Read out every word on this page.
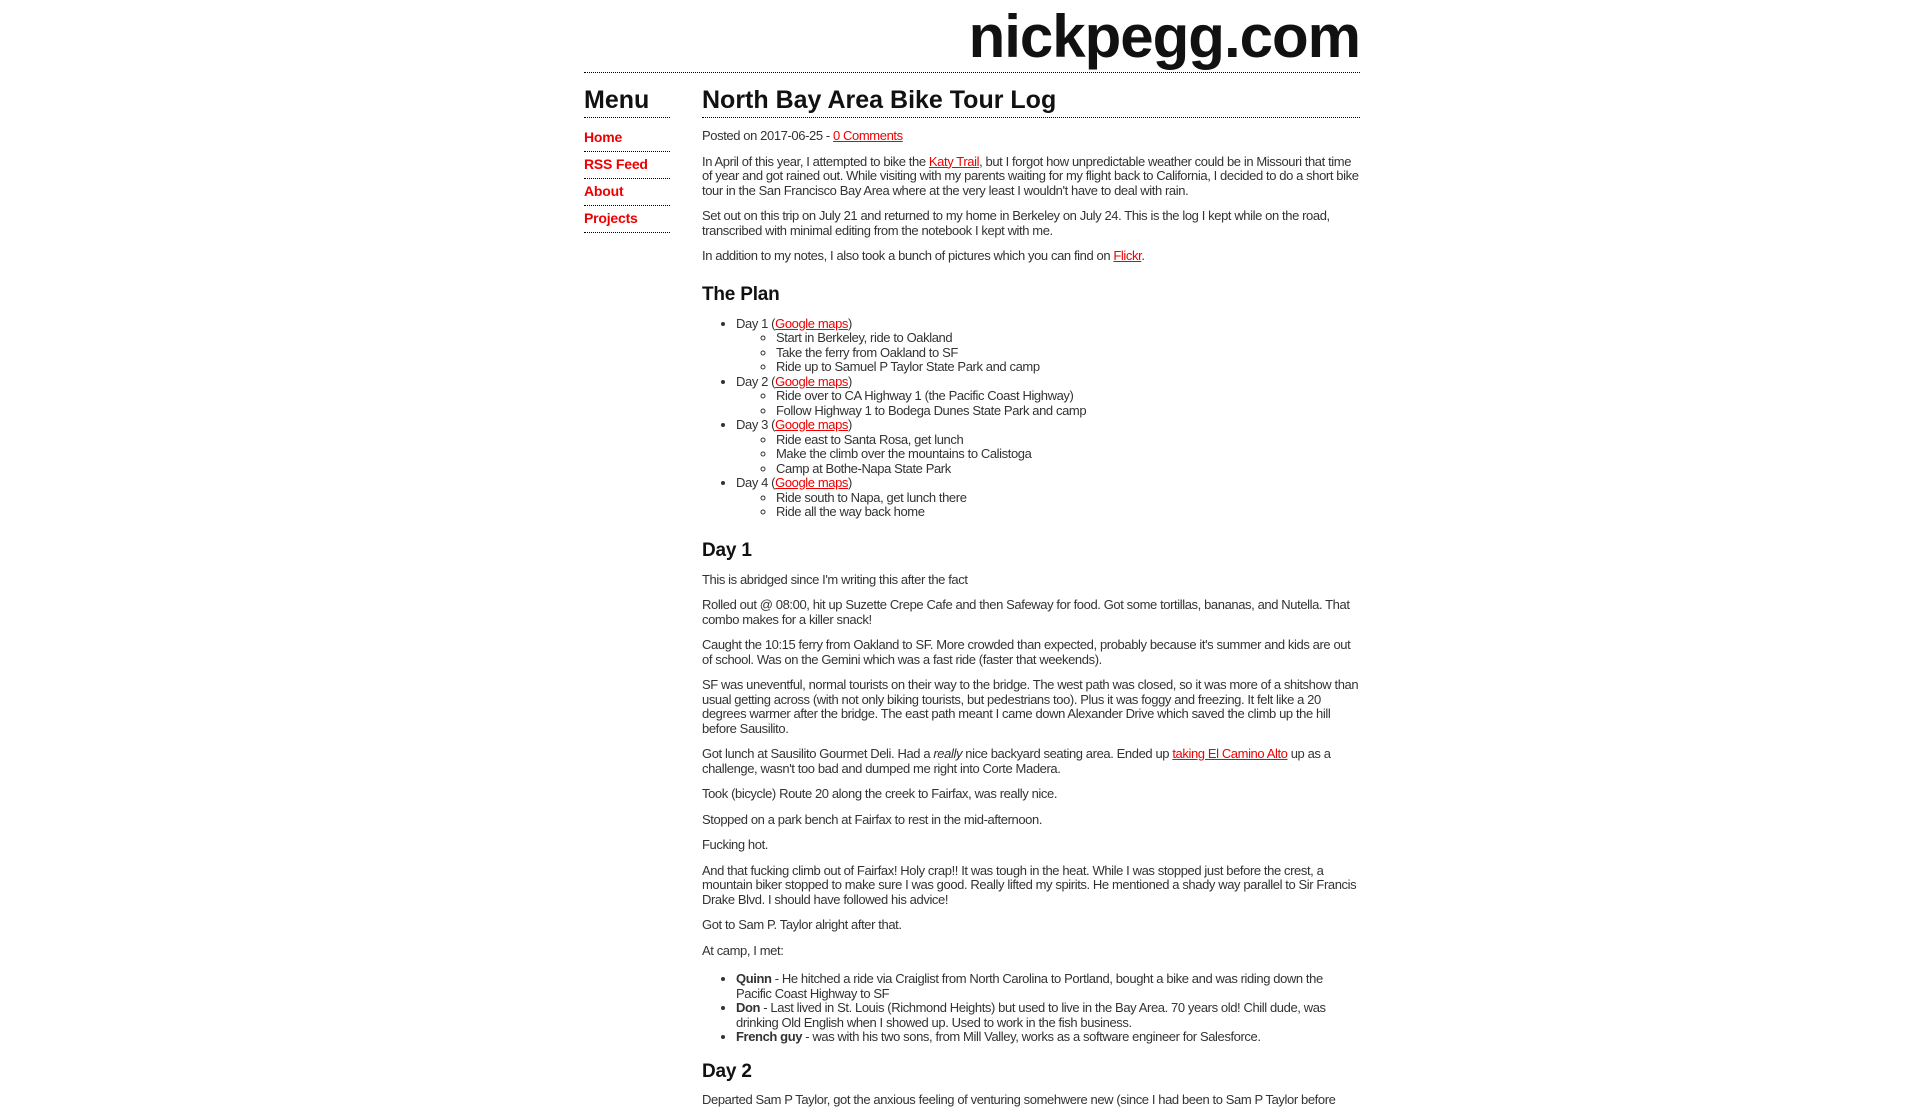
nickpegg.com
Menu
Home
RSS Feed
About
Projects
North Bay Area Bike Tour Log

Posted on 2017-06-25 - 0 Comments

In April of this year, I attempted to bike the Katy Trail, but I forgot how unpredictable weather could be in Missouri that time of year and got rained out. While visiting with my parents waiting for my flight back to California, I decided to do a short bike tour in the San Francisco Bay Area where at the very least I wouldn't have to deal with rain.

Set out on this trip on July 21 and returned to my home in Berkeley on July 24. This is the log I kept while on the road, transcribed with minimal editing from the notebook I kept with me.

In addition to my notes, I also took a bunch of pictures which you can find on Flickr.

The Plan
• Day 1 (Google maps)
◦ Start in Berkeley, ride to Oakland
◦ Take the ferry from Oakland to SF
◦ Ride up to Samuel P Taylor State Park and camp
• Day 2 (Google maps)
◦ Ride over to CA Highway 1 (the Pacific Coast Highway)
◦ Follow Highway 1 to Bodega Dunes State Park and camp
• Day 3 (Google maps)
◦ Ride east to Santa Rosa, get lunch
◦ Make the climb over the mountains to Calistoga
◦ Camp at Bothe-Napa State Park
• Day 4 (Google maps)
◦ Ride south to Napa, get lunch there
◦ Ride all the way back home
Day 1

This is abridged since I'm writing this after the fact

Rolled out @ 08:00, hit up Suzette Crepe Cafe and then Safeway for food. Got some tortillas, bananas, and Nutella. That combo makes for a killer snack!

Caught the 10:15 ferry from Oakland to SF. More crowded than expected, probably because it's summer and kids are out of school. Was on the Gemini which was a fast ride (faster that weekends).

SF was uneventful, normal tourists on their way to the bridge. The west path was closed, so it was more of a shitshow than usual getting across (with not only biking tourists, but pedestrians too). Plus it was foggy and freezing. It felt like a 20 degrees warmer after the bridge. The east path meant I came down Alexander Drive which saved the climb up the hill before Sausilito.

Got lunch at Sausilito Gourmet Deli. Had a really nice backyard seating area. Ended up taking El Camino Alto up as a challenge, wasn't too bad and dumped me right into Corte Madera.

Took (bicycle) Route 20 along the creek to Fairfax, was really nice.

Stopped on a park bench at Fairfax to rest in the mid-afternoon.

Fucking hot.

And that fucking climb out of Fairfax! Holy crap!! It was tough in the heat. While I was stopped just before the crest, a mountain biker stopped to make sure I was good. Really lifted my spirits. He mentioned a shady way parallel to Sir Francis Drake Blvd. I should have followed his advice!

Got to Sam P. Taylor alright after that.

At camp, I met:

• Quinn - He hitched a ride via Craiglist from North Carolina to Portland, bought a bike and was riding down the Pacific Coast Highway to SF
• Don - Last lived in St. Louis (Richmond Heights) but used to live in the Bay Area. 70 years old! Chill dude, was drinking Old English when I showed up. Used to work in the fish business.
• French guy - was with his two sons, from Mill Valley, works as a software engineer for Salesforce.
Day 2

Departed Sam P Taylor, got the anxious feeling of venturing somehwere new (since I had been to Sam P Taylor before
